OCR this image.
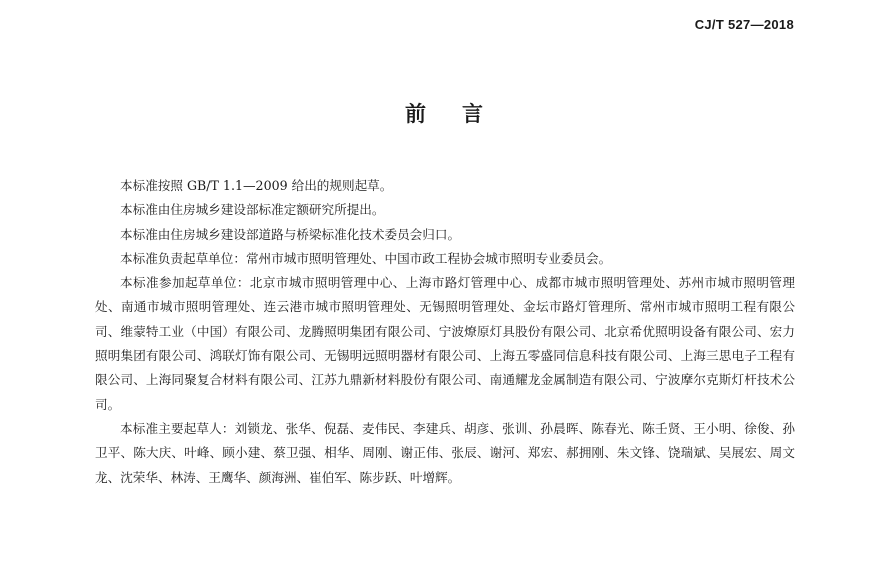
CJ/T 527—2018
前言

本标准按照 GB/T 1.1—2009 给出的规则起草。

本标准由住房城乡建设部标准定额研究所提出。

本标准由住房城乡建设部道路与桥梁标准化技术委员会归口。

本标准负责起草单位：常州市城市照明管理处、中国市政工程协会城市照明专业委员会。

本标准参加起草单位：北京市城市照明管理中心、上海市路灯管理中心、成都市城市照明管理处、苏州市城市照明管理处、南通市城市照明管理处、连云港市城市照明管理处、无锡照明管理处、金坛市路灯管理所、常州市城市照明工程有限公司、维蒙特工业（中国）有限公司、龙腾照明集团有限公司、宁波燎原灯具股份有限公司、北京希优照明设备有限公司、宏力照明集团有限公司、鸿联灯饰有限公司、无锡明远照明器材有限公司、上海五零盛同信息科技有限公司、上海三思电子工程有限公司、上海同聚复合材料有限公司、江苏九鼎新材料股份有限公司、南通耀龙金属制造有限公司、宁波摩尔克斯灯杆技术公司。

本标准主要起草人：刘锁龙、张华、倪磊、麦伟民、李建兵、胡彦、张训、孙晨晖、陈春光、陈壬贤、王小明、徐俊、孙卫平、陈大庆、叶峰、顾小建、蔡卫强、相华、周刚、谢正伟、张辰、谢河、郑宏、郝拥刚、朱文锋、饶瑞斌、吴展宏、周文龙、沈荣华、林涛、王鹰华、颜海洲、崔伯军、陈步跃、叶增辉。
